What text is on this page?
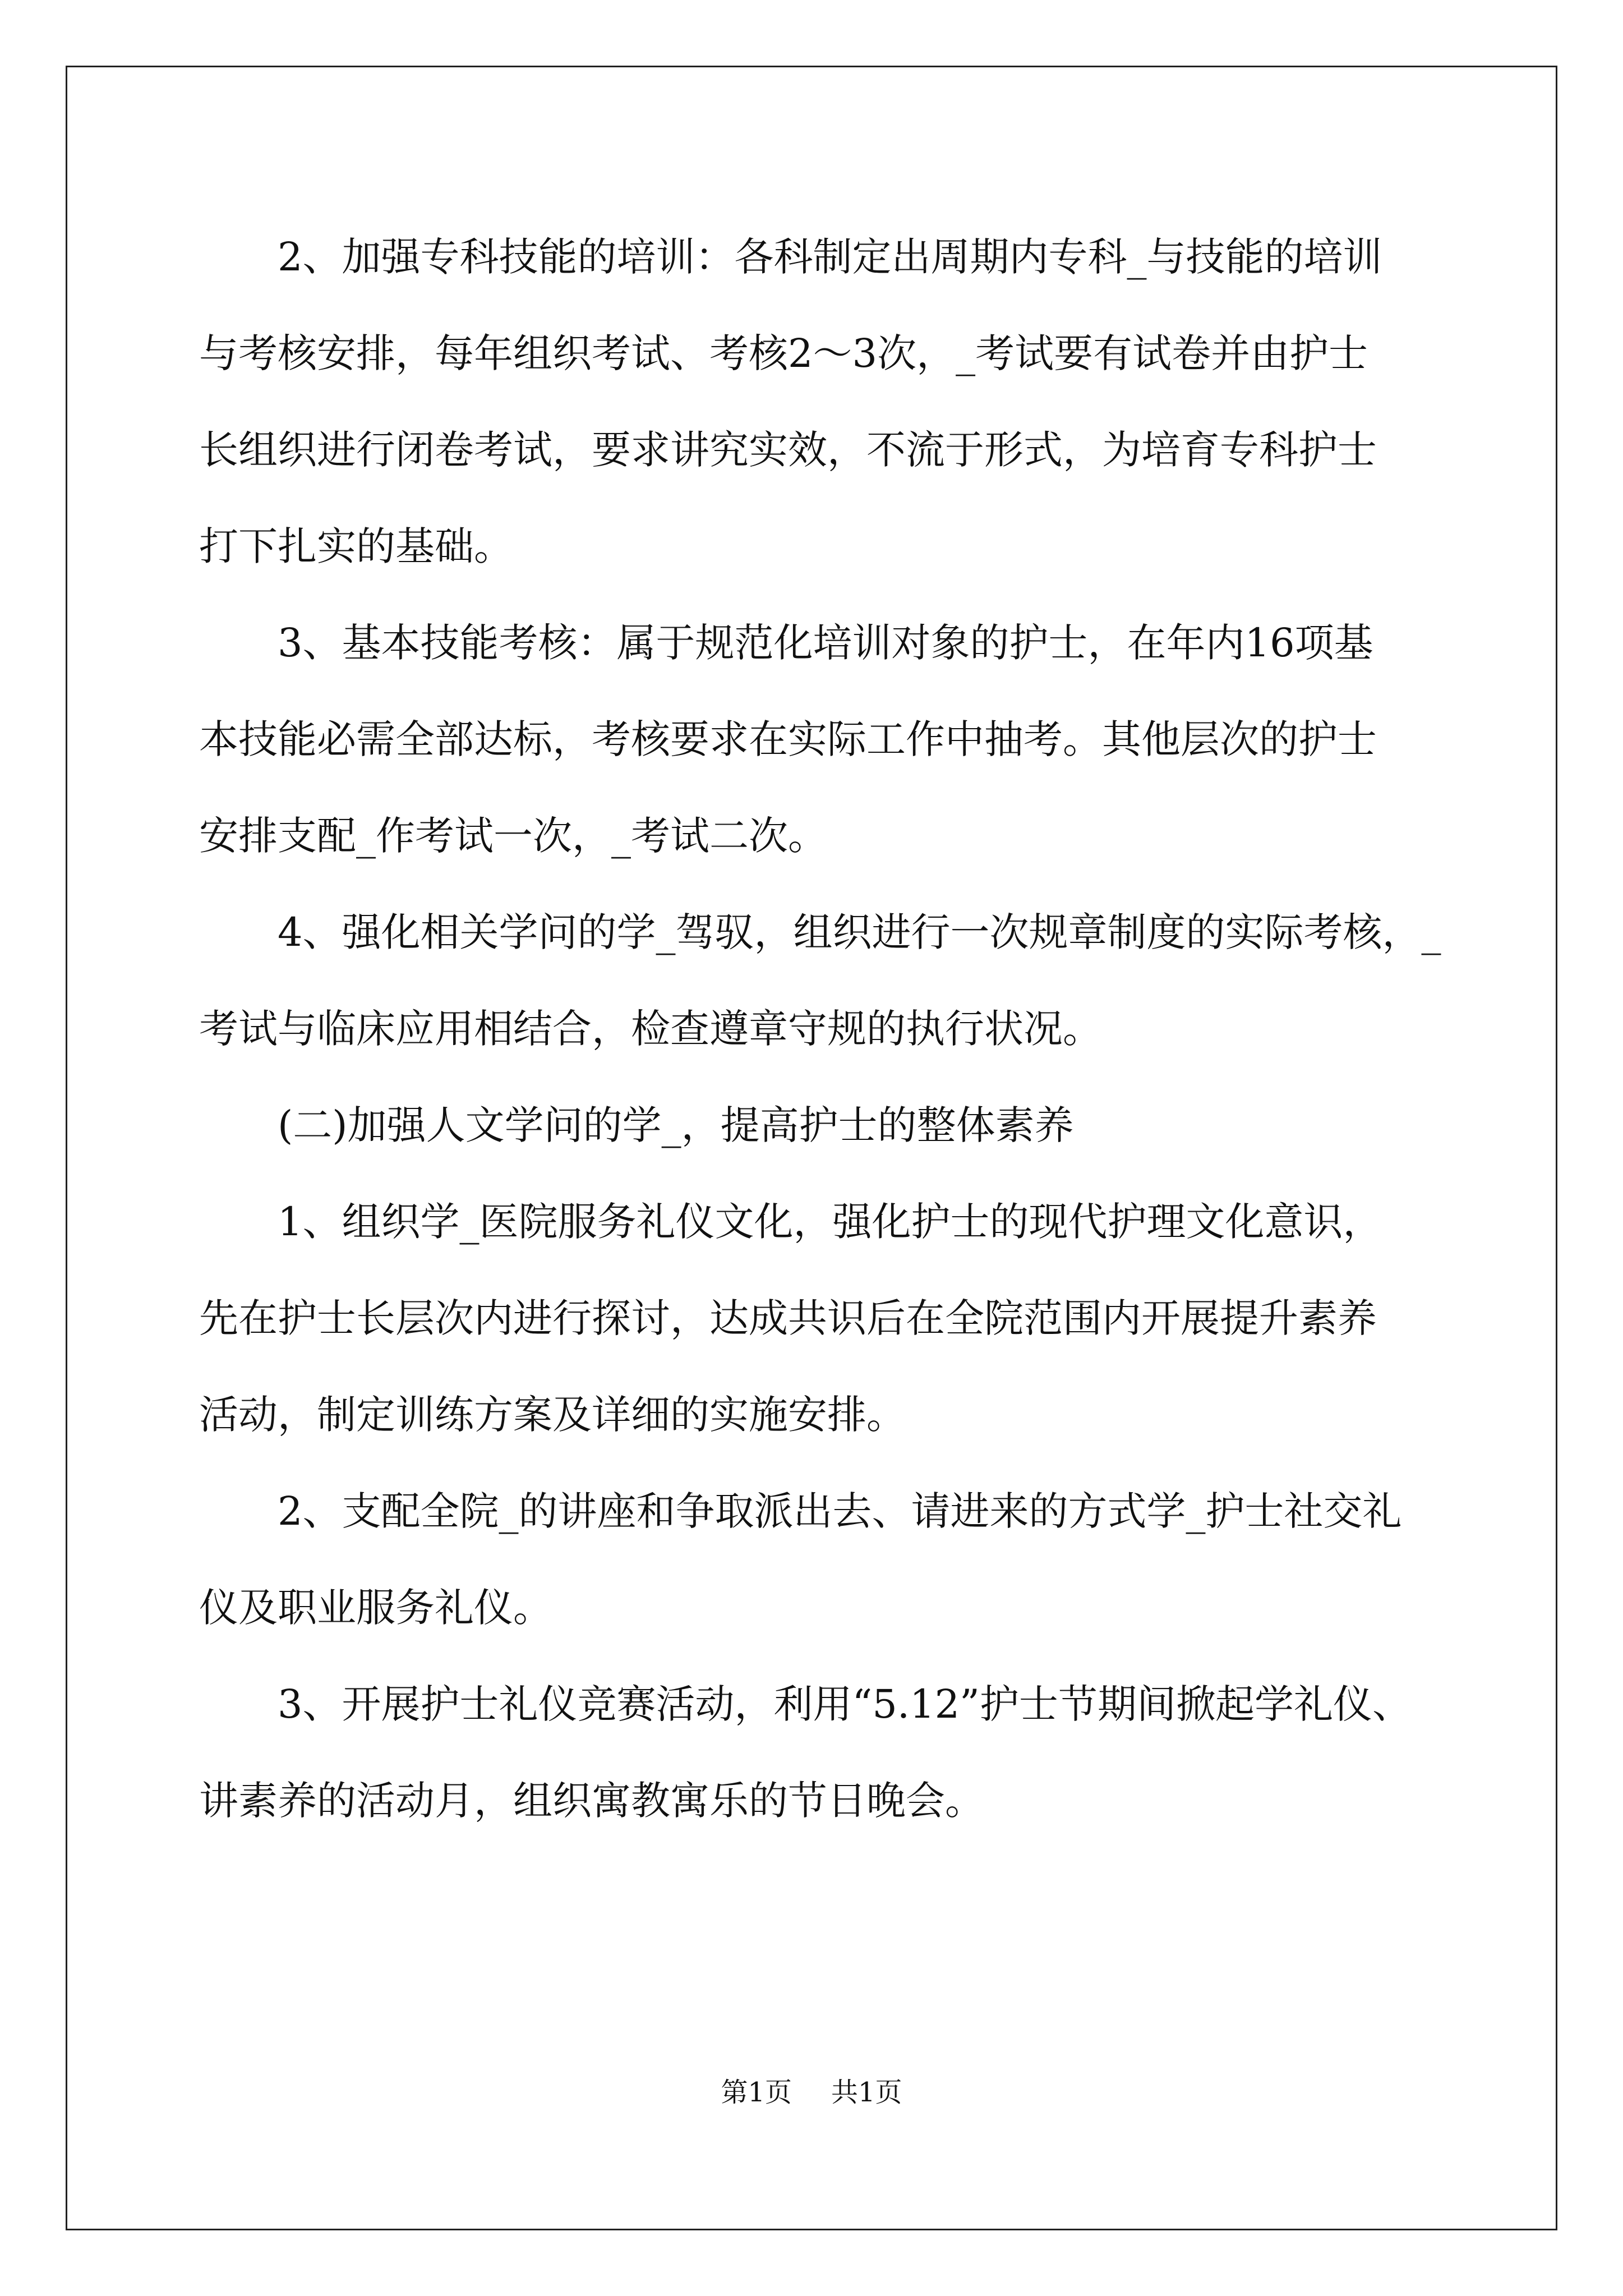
2、加强专科技能的培训：各科制定出周期内专科_与技能的培训

与考核安排，每年组织考试、考核2～3次，_考试要有试卷并由护士

长组织进行闭卷考试，要求讲究实效，不流于形式，为培育专科护士

打下扎实的基础。

3、基本技能考核：属于规范化培训对象的护士，在年内16项基

本技能必需全部达标，考核要求在实际工作中抽考。其他层次的护士

安排支配_作考试一次，_考试二次。

4、强化相关学问的学_驾驭，组织进行一次规章制度的实际考核，_

考试与临床应用相结合，检查遵章守规的执行状况。

(二)加强人文学问的学_，提高护士的整体素养

1、组织学_医院服务礼仪文化，强化护士的现代护理文化意识，

先在护士长层次内进行探讨，达成共识后在全院范围内开展提升素养

活动，制定训练方案及详细的实施安排。

2、支配全院_的讲座和争取派出去、请进来的方式学_护士社交礼

仪及职业服务礼仪。

3、开展护士礼仪竞赛活动，利用“5.12”护士节期间掀起学礼仪、

讲素养的活动月，组织寓教寓乐的节日晚会。

第1页 共1页
